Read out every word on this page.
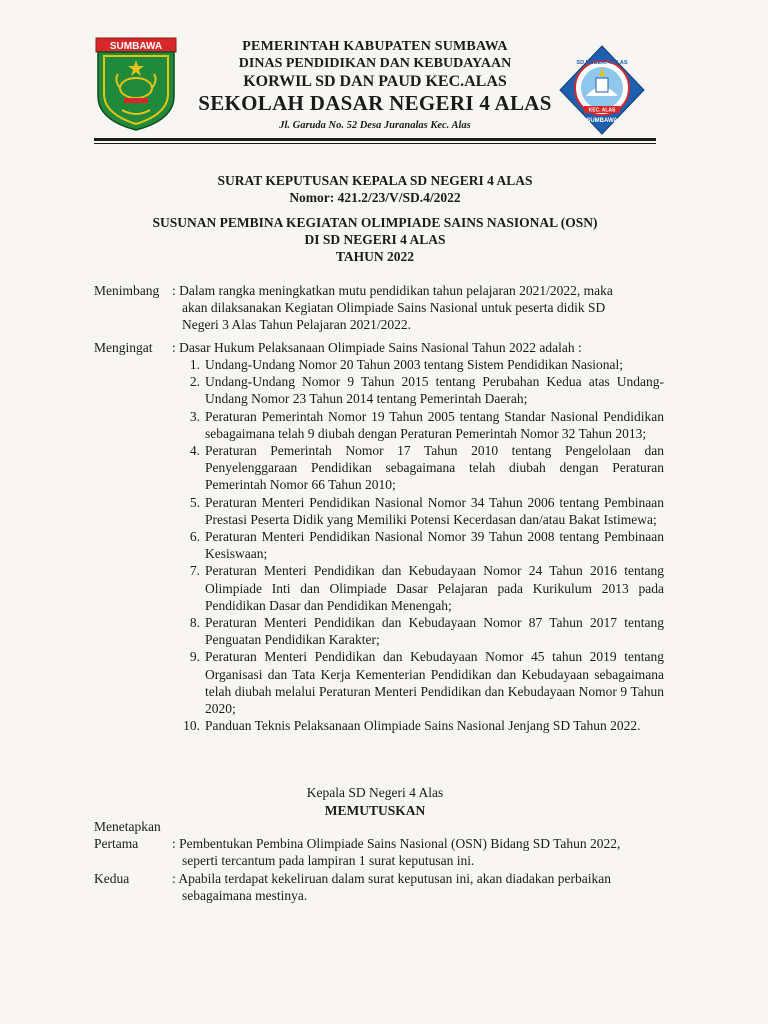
SUMBAWA	PEMERINTAH KABUPATEN SUMBAWA
DINAS PENDIDIKAN DAN KEBUDAYAAN
KORWIL SD DAN PAUD KEC.ALAS
SEKOLAH DASAR NEGERI 4 ALAS
Jl. Garuda No. 52 Desa Juranalas Kec. Alas
SD NEGERI 4 ALAS
KEC. ALAS
SUMBAWA
SURAT KEPUTUSAN KEPALA SD NEGERI 4 ALAS
Nomor: 421.2/23/V/SD.4/2022
SUSUNAN PEMBINA KEGIATAN OLIMPIADE SAINS NASIONAL (OSN)
DI SD NEGERI 4 ALAS
TAHUN 2022
Menimbang : Dalam rangka meningkatkan mutu pendidikan tahun pelajaran 2021/2022, maka
akan dilaksanakan Kegiatan Olimpiade Sains Nasional untuk peserta didik SD
Negeri 3 Alas Tahun Pelajaran 2021/2022.
Mengingat : Dasar Hukum Pelaksanaan Olimpiade Sains Nasional Tahun 2022 adalah :
1. Undang-Undang Nomor 20 Tahun 2003 tentang Sistem Pendidikan Nasional;
2. Undang-Undang Nomor 9 Tahun 2015 tentang Perubahan Kedua atas Undang-Undang Nomor 23 Tahun 2014 tentang Pemerintah Daerah;
3. Peraturan Pemerintah Nomor 19 Tahun 2005 tentang Standar Nasional Pendidikan sebagaimana telah 9 diubah dengan Peraturan Pemerintah Nomor 32 Tahun 2013;
4. Peraturan Pemerintah Nomor 17 Tahun 2010 tentang Pengelolaan dan Penyelenggaraan Pendidikan sebagaimana telah diubah dengan Peraturan Pemerintah Nomor 66 Tahun 2010;
5. Peraturan Menteri Pendidikan Nasional Nomor 34 Tahun 2006 tentang Pembinaan Prestasi Peserta Didik yang Memiliki Potensi Kecerdasan dan/atau Bakat Istimewa;
6. Peraturan Menteri Pendidikan Nasional Nomor 39 Tahun 2008 tentang Pembinaan Kesiswaan;
7. Peraturan Menteri Pendidikan dan Kebudayaan Nomor 24 Tahun 2016 tentang Olimpiade Inti dan Olimpiade Dasar Pelajaran pada Kurikulum 2013 pada Pendidikan Dasar dan Pendidikan Menengah;
8. Peraturan Menteri Pendidikan dan Kebudayaan Nomor 87 Tahun 2017 tentang Penguatan Pendidikan Karakter;
9. Peraturan Menteri Pendidikan dan Kebudayaan Nomor 45 tahun 2019 tentang Organisasi dan Tata Kerja Kementerian Pendidikan dan Kebudayaan sebagaimana telah diubah melalui Peraturan Menteri Pendidikan dan Kebudayaan Nomor 9 Tahun 2020;
10. Panduan Teknis Pelaksanaan Olimpiade Sains Nasional Jenjang SD Tahun 2022.
Kepala SD Negeri 4 Alas
MEMUTUSKAN
Menetapkan
Pertama	: Pembentukan Pembina Olimpiade Sains Nasional (OSN) Bidang SD Tahun 2022,
seperti tercantum pada lampiran 1 surat keputusan ini.
Kedua	: Apabila terdapat kekeliruan dalam surat keputusan ini, akan diadakan perbaikan
sebagaimana mestinya.
